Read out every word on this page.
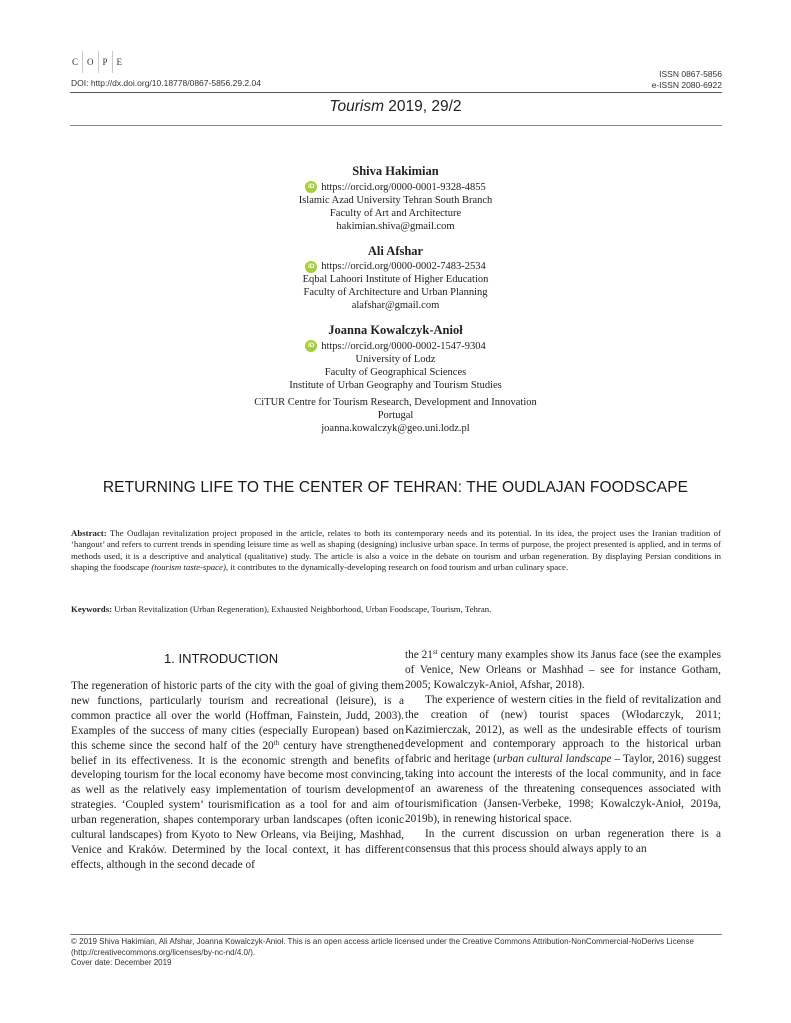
C	O	P	E
DOI: http://dx.doi.org/10.18778/0867-5856.29.2.04
ISSN 0867-5856
e-ISSN 2080-6922
Tourism 2019, 29/2
Shiva Hakimian
iD https://orcid.org/0000-0001-9328-4855
Islamic Azad University Tehran South Branch
Faculty of Art and Architecture
hakimian.shiva@gmail.com
Ali Afshar
iD https://orcid.org/0000-0002-7483-2534
Eqbal Lahoori Institute of Higher Education
Faculty of Architecture and Urban Planning
alafshar@gmail.com
Joanna Kowalczyk-Anioł
iD https://orcid.org/0000-0002-1547-9304
University of Lodz
Faculty of Geographical Sciences
Institute of Urban Geography and Tourism Studies
CiTUR Centre for Tourism Research, Development and Innovation
Portugal
joanna.kowalczyk@geo.uni.lodz.pl
RETURNING LIFE TO THE CENTER OF TEHRAN: THE OUDLAJAN FOODSCAPE
Abstract: The Oudlajan revitalization project proposed in the article, relates to both its contemporary needs and its potential. In its idea, the project uses the Iranian tradition of ‘hangout’ and refers to current trends in spending leisure time as well as shaping (designing) inclusive urban space. In terms of purpose, the project presented is applied, and in terms of methods used, it is a descriptive and analytical (qualitative) study. The article is also a voice in the debate on tourism and urban regeneration. By displaying Persian conditions in shaping the foodscape (tourism taste-space), it contributes to the dynamically-developing research on food tourism and urban culinary space.
Keywords: Urban Revitalization (Urban Regeneration), Exhausted Neighborhood, Urban Foodscape, Tourism, Tehran.
1. INTRODUCTION

The regeneration of historic parts of the city with the goal of giving them new functions, particularly tourism and recreational (leisure), is a common practice all over the world (Hoffman, Fainstein, Judd, 2003). Examples of the success of many cities (especially European) based on this scheme since the second half of the 20th century have strengthened belief in its effectiveness. It is the economic strength and benefits of developing tourism for the local economy have become most convincing, as well as the relatively easy implementation of tourism development strategies. ‘Coupled system’ tourismification as a tool for and aim of urban regeneration, shapes contemporary urban landscapes (often iconic cultural landscapes) from Kyoto to New Orleans, via Beijing, Mashhad, Venice and Kraków. Determined by the local context, it has different effects, although in the second decade of

the 21st century many examples show its Janus face (see the examples of Venice, New Orleans or Mashhad – see for instance Gotham, 2005; Kowalczyk-Anioł, Afshar, 2018).

The experience of western cities in the field of revitalization and the creation of (new) tourist spaces (Włodarczyk, 2011; Kazimierczak, 2012), as well as the undesirable effects of tourism development and contemporary approach to the historical urban fabric and heritage (urban cultural landscape – Taylor, 2016) suggest taking into account the interests of the local community, and in face of an awareness of the threatening consequences associated with tourismification (Jansen-Verbeke, 1998; Kowalczyk-Anioł, 2019a, 2019b), in renewing historical space.

In the current discussion on urban regeneration there is a consensus that this process should always apply to an

© 2019 Shiva Hakimian, Ali Afshar, Joanna Kowalczyk-Anioł. This is an open access article licensed under the Creative Commons Attribution-NonCommercial-NoDerivs License (http://creativecommons.org/licenses/by-nc-nd/4.0/).
Cover date: December 2019
